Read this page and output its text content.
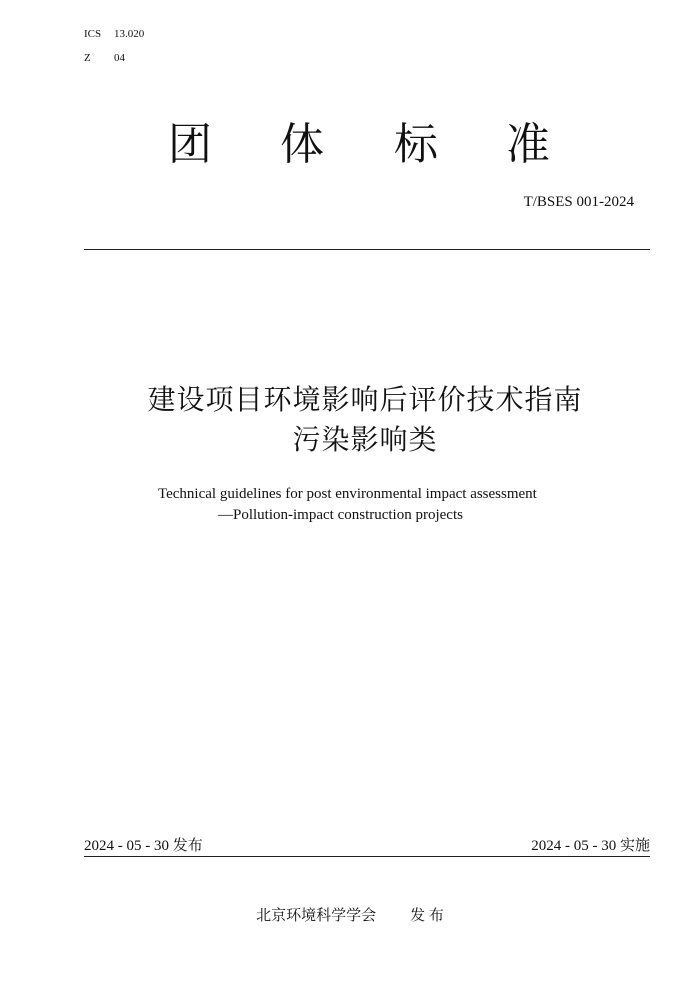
ICS 13.020
Z 04
团 体 标 准
T/BSES 001-2024
建设项目环境影响后评价技术指南
污染影响类
Technical guidelines for post environmental impact assessment
—Pollution-impact construction projects
2024 - 05 - 30 发布	2024 - 05 - 30 实施
北京环境科学学会 发 布
